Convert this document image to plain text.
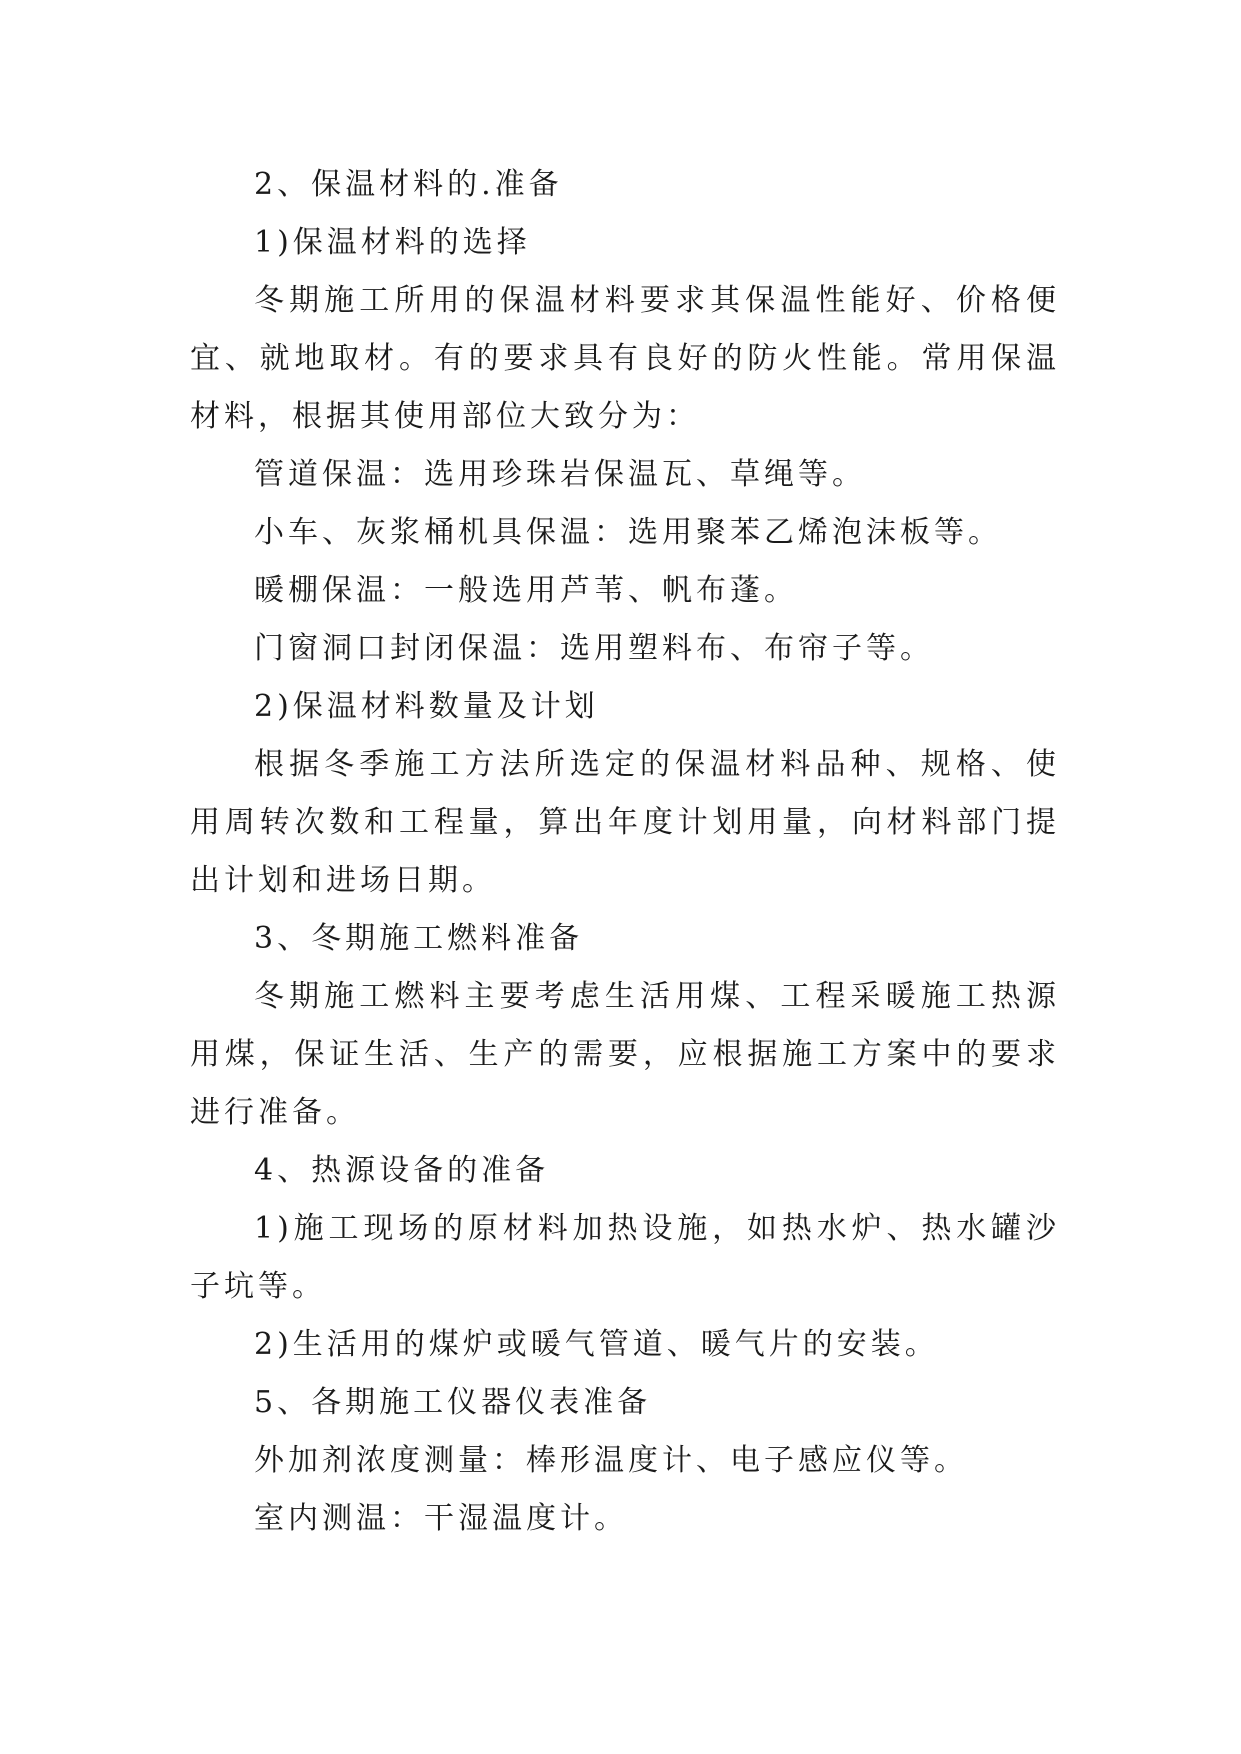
2、保温材料的.准备

1)保温材料的选择

冬期施工所用的保温材料要求其保温性能好、价格便宜、就地取材。有的要求具有良好的防火性能。常用保温材料，根据其使用部位大致分为：

管道保温：选用珍珠岩保温瓦、草绳等。

小车、灰浆桶机具保温：选用聚苯乙烯泡沫板等。

暖棚保温：一般选用芦苇、帆布蓬。

门窗洞口封闭保温：选用塑料布、布帘子等。

2)保温材料数量及计划

根据冬季施工方法所选定的保温材料品种、规格、使用周转次数和工程量，算出年度计划用量，向材料部门提出计划和进场日期。

3、冬期施工燃料准备

冬期施工燃料主要考虑生活用煤、工程采暖施工热源用煤，保证生活、生产的需要，应根据施工方案中的要求进行准备。

4、热源设备的准备

1)施工现场的原材料加热设施，如热水炉、热水罐沙子坑等。

2)生活用的煤炉或暖气管道、暖气片的安装。

5、各期施工仪器仪表准备

外加剂浓度测量：棒形温度计、电子感应仪等。

室内测温：干湿温度计。
